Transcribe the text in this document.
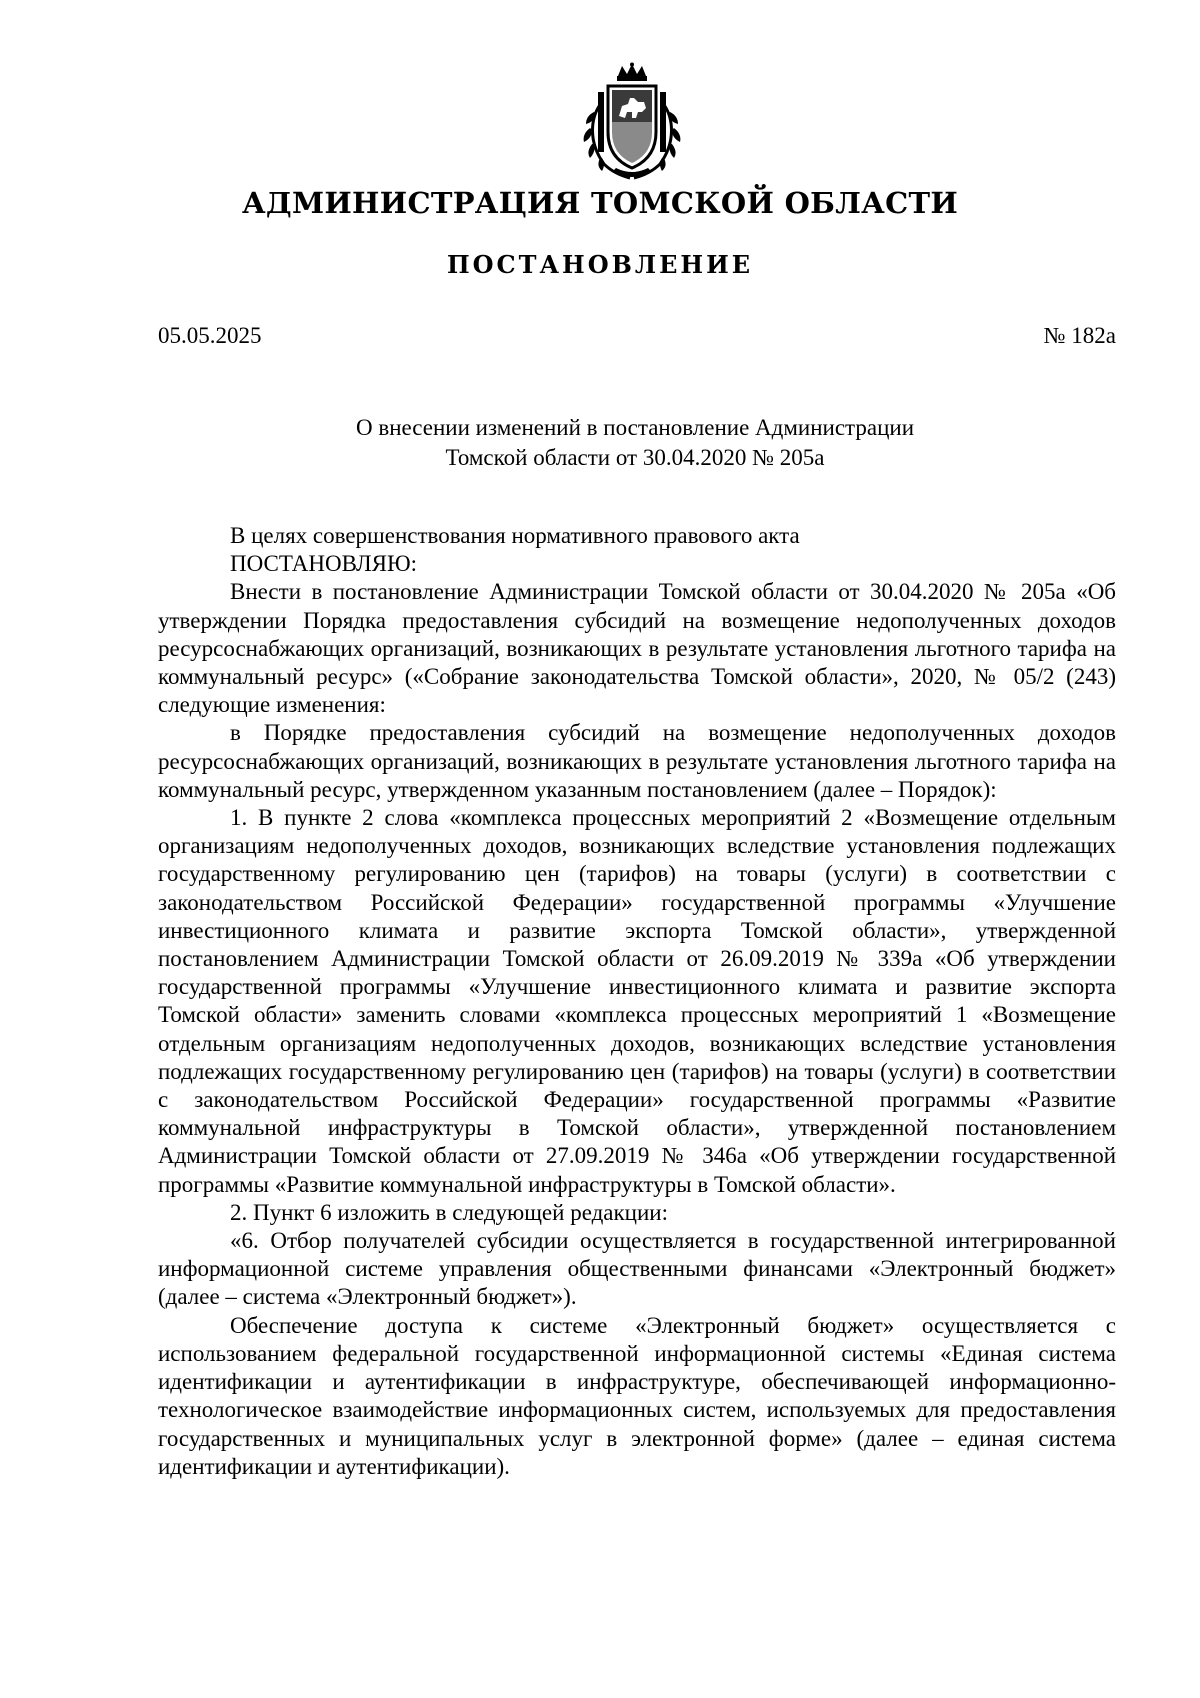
АДМИНИСТРАЦИЯ ТОМСКОЙ ОБЛАСТИ
ПОСТАНОВЛЕНИЕ
05.05.2025	№ 182а
О внесении изменений в постановление Администрации
Томской области от 30.04.2020 № 205а

В целях совершенствования нормативного правового акта

ПОСТАНОВЛЯЮ:

Внести в постановление Администрации Томской области от 30.04.2020 № 205а «Об утверждении Порядка предоставления субсидий на возмещение недополученных доходов ресурсоснабжающих организаций, возникающих в результате установления льготного тарифа на коммунальный ресурс» («Собрание законодательства Томской области», 2020, № 05/2 (243) следующие изменения:

в Порядке предоставления субсидий на возмещение недополученных доходов ресурсоснабжающих организаций, возникающих в результате установления льготного тарифа на коммунальный ресурс, утвержденном указанным постановлением (далее – Порядок):

1. В пункте 2 слова «комплекса процессных мероприятий 2 «Возмещение отдельным организациям недополученных доходов, возникающих вследствие установления подлежащих государственному регулированию цен (тарифов) на товары (услуги) в соответствии с законодательством Российской Федерации» государственной программы «Улучшение инвестиционного климата и развитие экспорта Томской области», утвержденной постановлением Администрации Томской области от 26.09.2019 № 339а «Об утверждении государственной программы «Улучшение инвестиционного климата и развитие экспорта Томской области» заменить словами «комплекса процессных мероприятий 1 «Возмещение отдельным организациям недополученных доходов, возникающих вследствие установления подлежащих государственному регулированию цен (тарифов) на товары (услуги) в соответствии с законодательством Российской Федерации» государственной программы «Развитие коммунальной инфраструктуры в Томской области», утвержденной постановлением Администрации Томской области от 27.09.2019 № 346а «Об утверждении государственной программы «Развитие коммунальной инфраструктуры в Томской области».

2. Пункт 6 изложить в следующей редакции:

«6. Отбор получателей субсидии осуществляется в государственной интегрированной информационной системе управления общественными финансами «Электронный бюджет» (далее – система «Электронный бюджет»).

Обеспечение доступа к системе «Электронный бюджет» осуществляется с использованием федеральной государственной информационной системы «Единая система идентификации и аутентификации в инфраструктуре, обеспечивающей информационно-технологическое взаимодействие информационных систем, используемых для предоставления государственных и муниципальных услуг в электронной форме» (далее – единая система идентификации и аутентификации).
